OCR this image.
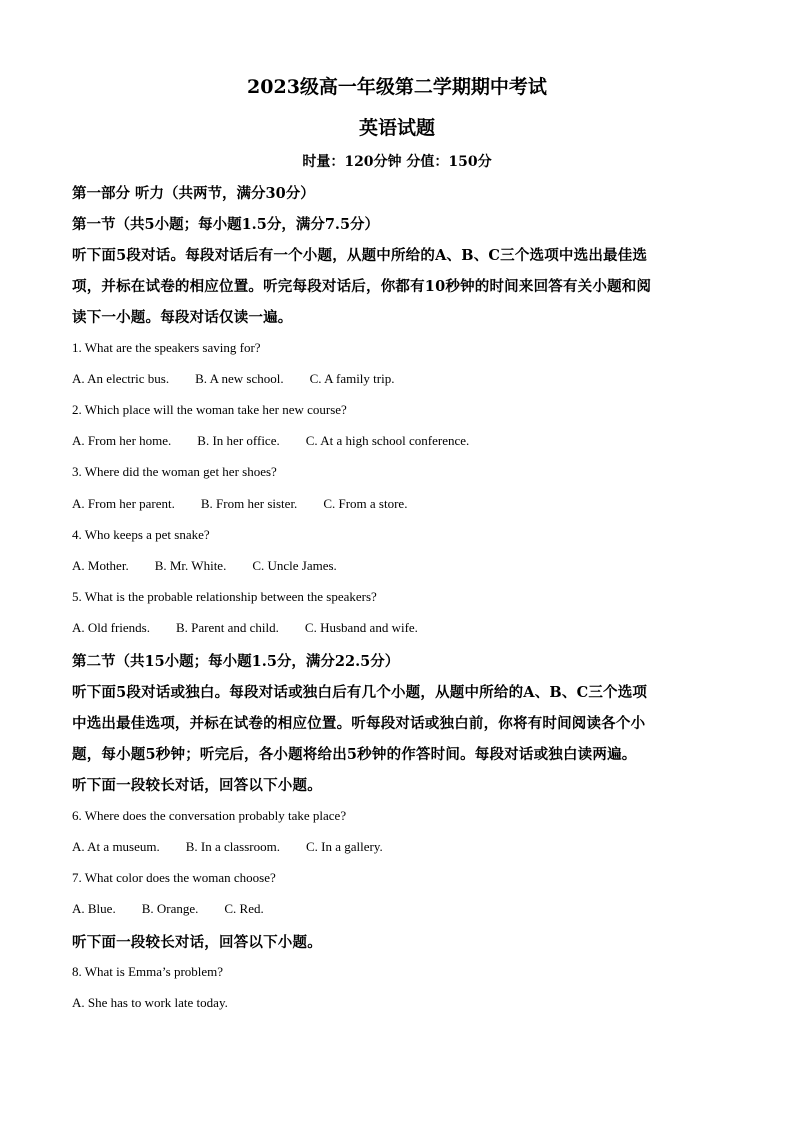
2023级高一年级第二学期期中考试
英语试题
时量：120分钟 分值：150分
第一部分 听力（共两节，满分30分）
第一节（共5小题；每小题1.5分，满分7.5分）
听下面5段对话。每段对话后有一个小题，从题中所给的A、B、C三个选项中选出最佳选
项，并标在试卷的相应位置。听完每段对话后，你都有10秒钟的时间来回答有关小题和阅
读下一小题。每段对话仅读一遍。
1. What are the speakers saving for?
A. An electric bus. B. A new school. C. A family trip.
2. Which place will the woman take her new course?
A. From her home. B. In her office. C. At a high school conference.
3. Where did the woman get her shoes?
A. From her parent. B. From her sister. C. From a store.
4. Who keeps a pet snake?
A. Mother. B. Mr. White. C. Uncle James.
5. What is the probable relationship between the speakers?
A. Old friends. B. Parent and child. C. Husband and wife.
第二节（共15小题；每小题1.5分，满分22.5分）
听下面5段对话或独白。每段对话或独白后有几个小题，从题中所给的A、B、C三个选项
中选出最佳选项，并标在试卷的相应位置。听每段对话或独白前，你将有时间阅读各个小
题，每小题5秒钟；听完后，各小题将给出5秒钟的作答时间。每段对话或独白读两遍。
听下面一段较长对话，回答以下小题。
6. Where does the conversation probably take place?
A. At a museum. B. In a classroom. C. In a gallery.
7. What color does the woman choose?
A. Blue. B. Orange. C. Red.
听下面一段较长对话，回答以下小题。
8. What is Emma’s problem?
A. She has to work late today.
